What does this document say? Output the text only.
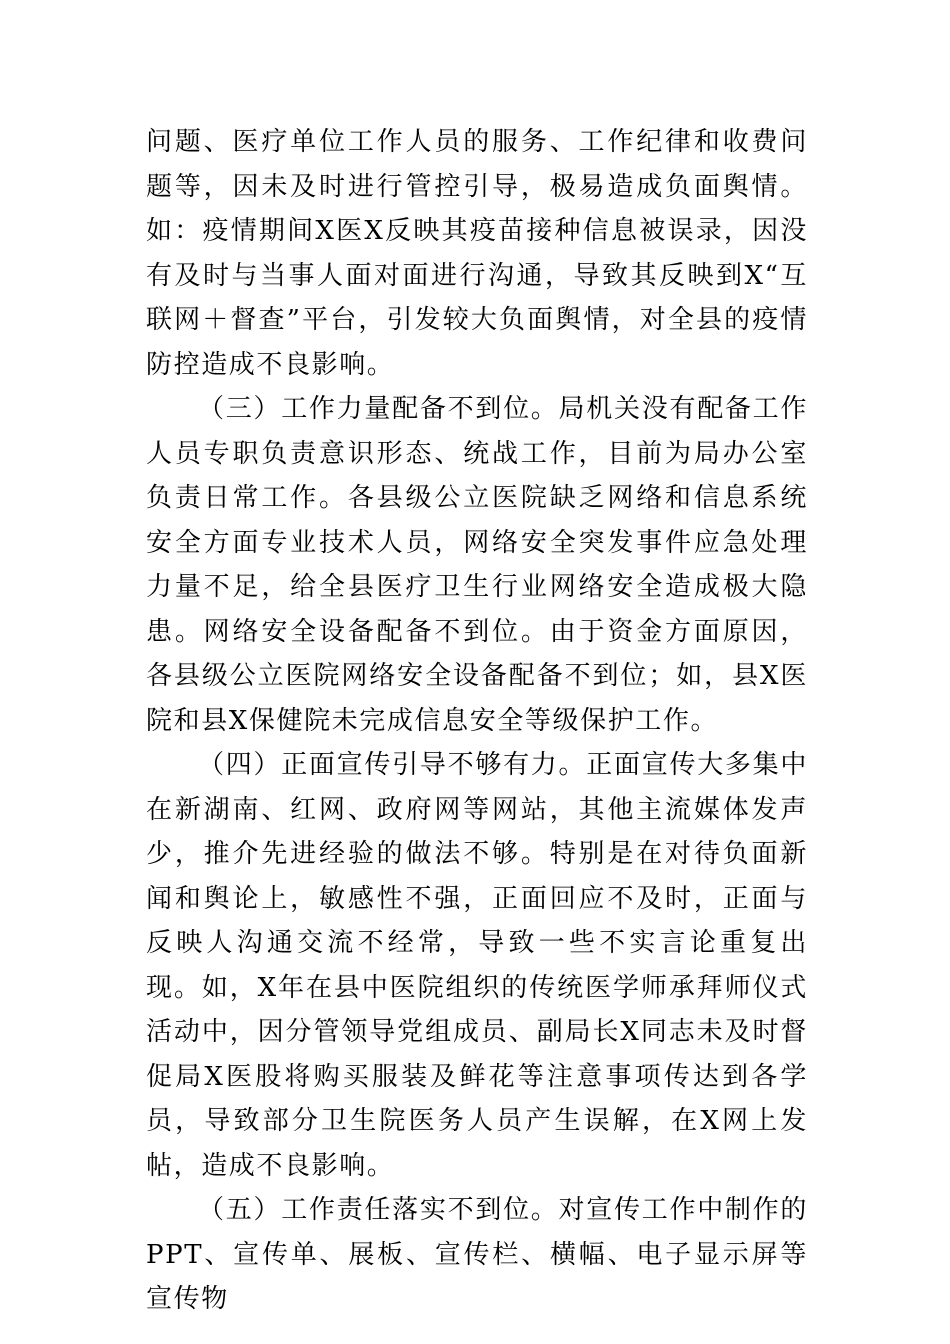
问题、医疗单位工作人员的服务、工作纪律和收费问题等，因未及时进行管控引导，极易造成负面舆情。如：疫情期间X医X反映其疫苗接种信息被误录，因没有及时与当事人面对面进行沟通，导致其反映到X“互联网＋督查”平台，引发较大负面舆情，对全县的疫情防控造成不良影响。

（三）工作力量配备不到位。局机关没有配备工作人员专职负责意识形态、统战工作，目前为局办公室负责日常工作。各县级公立医院缺乏网络和信息系统安全方面专业技术人员，网络安全突发事件应急处理力量不足，给全县医疗卫生行业网络安全造成极大隐患。网络安全设备配备不到位。由于资金方面原因，各县级公立医院网络安全设备配备不到位；如，县X医院和县X保健院未完成信息安全等级保护工作。

（四）正面宣传引导不够有力。正面宣传大多集中在新湖南、红网、政府网等网站，其他主流媒体发声少，推介先进经验的做法不够。特别是在对待负面新闻和舆论上，敏感性不强，正面回应不及时，正面与反映人沟通交流不经常，导致一些不实言论重复出现。如，X年在县中医院组织的传统医学师承拜师仪式活动中，因分管领导党组成员、副局长X同志未及时督促局X医股将购买服装及鲜花等注意事项传达到各学员，导致部分卫生院医务人员产生误解，在X网上发帖，造成不良影响。

（五）工作责任落实不到位。对宣传工作中制作的PPT、宣传单、展板、宣传栏、横幅、电子显示屏等宣传物
